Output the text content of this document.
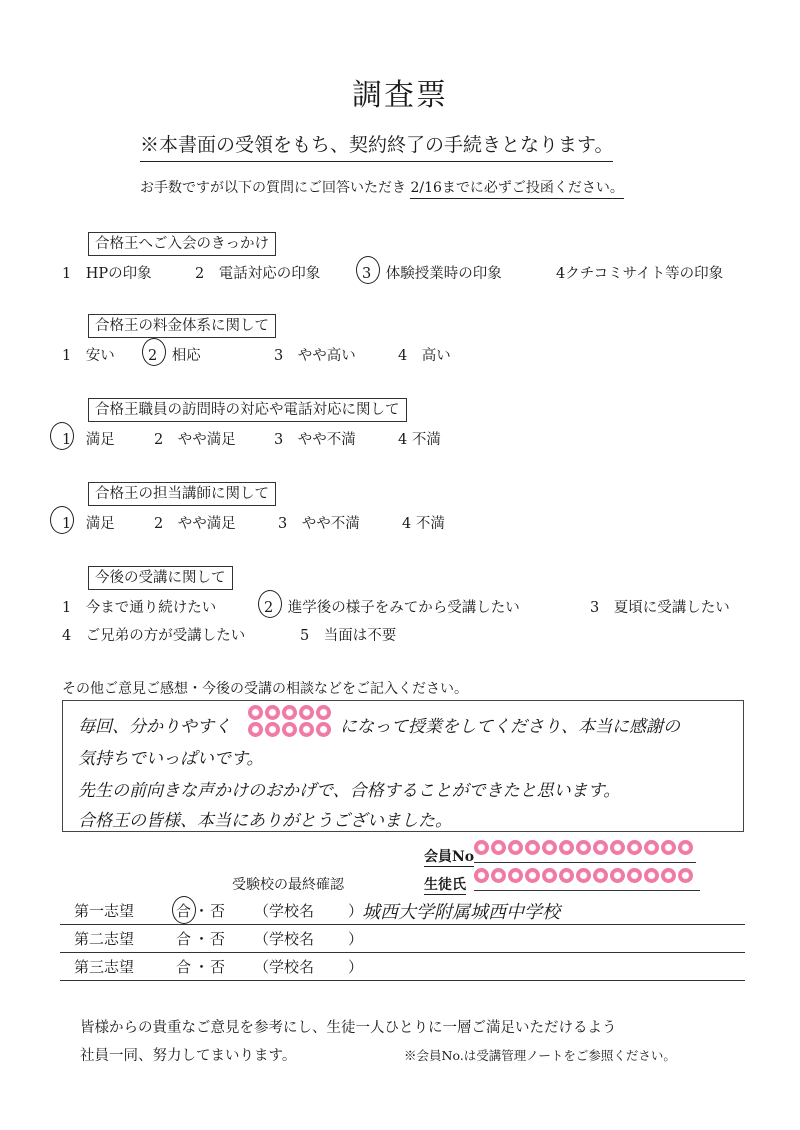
調査票
※本書面の受領をもち、契約終了の手続きとなります。
お手数ですが以下の質問にご回答いただき 2/16までに必ずご投函ください。
合格王へご入会のきっかけ
1　HPの印象	2　電話対応の印象	3　体験授業時の印象	4クチコミサイト等の印象
合格王の料金体系に関して
1　安い 2　相応	3　やや高い	4　高い
合格王職員の訪問時の対応や電話対応に関して
1　満足	2　やや満足	3　やや不満	4 不満
合格王の担当講師に関して
1　満足	2　やや満足	3　やや不満	4 不満
今後の受講に関して
1　今まで通り続けたい	2　進学後の様子をみてから受講したい	3　夏頃に受講したい
4　ご兄弟の方が受講したい	5　当面は不要
その他ご意見ご感想・今後の受講の相談などをご記入ください。
毎回、分かりやすく	になって授業をしてくださり、本当に感謝の
気持ちでいっぱいです。
先生の前向きな声かけのおかげで、合格することができたと思います。
合格王の皆様、本当にありがとうございました。
会員No
受験校の最終確認	生徒氏
第一志望	合 ・ 否 （学校名 ）
城西大学附属城西中学校
第二志望	合 ・ 否 （学校名 ）
第三志望	合 ・ 否 （学校名 ）
皆様からの貴重なご意見を参考にし、生徒一人ひとりに一層ご満足いただけるよう
社員一同、努力してまいります。	※会員No.は受講管理ノートをご参照ください。
